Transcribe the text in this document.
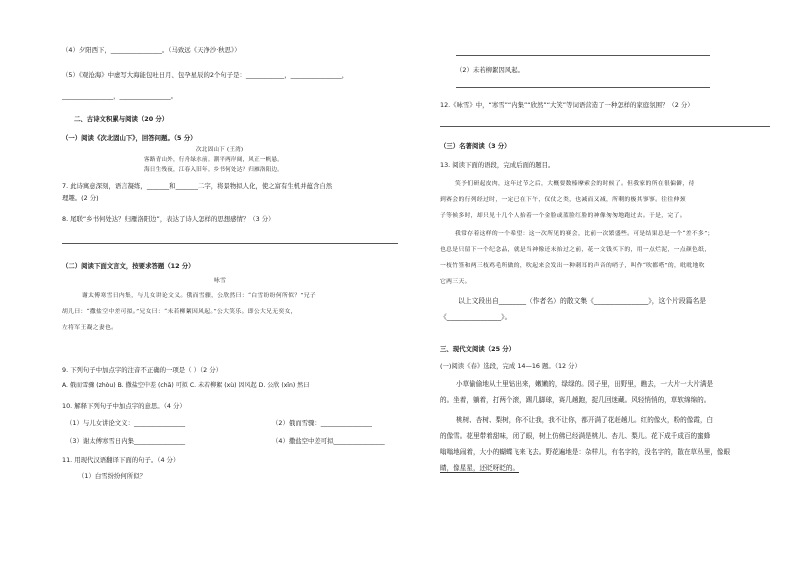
（4）夕阳西下，________________。（马致远《天净沙·秋思》）
（5）《观沧海》中虚写大海能包吐日月、包孕星辰的2个句子是：____________，________________，
________________，________________。
二、古诗文积累与阅读（20 分）
（一）阅读《次北固山下》，回答问题。（5 分）
次北固山下 (王湾)
客路青山外，行舟绿水前。潮平两岸阔，风正一帆悬。
海日生残夜，江春入旧年。乡书何处达？归雁洛阳边。
7. 此诗寓意深刻，语言凝练，_______和_______二字，将景物拟人化，使之富有生机并蕴含自然
理趣。(2 分)
8. 尾联“乡书何处达？归雁洛阳边”，表达了诗人怎样的思想感情？（3 分）
（二）阅读下面文言文，按要求答题（12 分）
咏雪
谢太傅寒雪日内集，与儿女讲论文义。俄而雪骤，公欣然曰：“白雪纷纷何所似？”兄子
胡儿曰：“撒盐空中差可拟。”兄女曰：“未若柳絮因风起。”公大笑乐。即公大兄无奕女，
左将军王凝之妻也。
9. 下列句子中加点字的注音不正确的一项是（ ）（2 分）
A. 俄而雪骤 (zhòu) B. 撒盐空中差 (chā) 可拟 C. 未若柳絮 (xù) 因风起 D. 公欣 (xīn) 然曰
10. 解释下列句子中加点字的意思。（4 分）
（1）与儿女讲论文义：________________	（2）俄而雪骤：________________
（3）谢太傅寒雪日内集________________	（4）撒盐空中差可拟________________
11. 用现代汉语翻译下面的句子。（4 分）
（1）白雪纷纷何所似？
（2）未若柳絮因风起。
12.《咏雪》中，“寒雪”“内集”“欣然”“大笑”等词语营造了一种怎样的家庭氛围？（2 分）
（三）名著阅读（3 分）
13. 阅读下面的语段，完成后面的题目。
笑予们研起皮肉，这年过节之后，大概要数榛摩索会的时候了。但我家的所在很偏僻，待
到赛会的行列经过时，一定已在下午，仪仗之类，也减而又减，所剩的极其寥寥。往往伸颈
子等候多时，却只见十几个人抬着一个金脸或蓝脸红脸的神像匆匆地跑过去。于是，完了。
我常存着这样的一个希望：这一次所见的赛会，比前一次繁盛些。可是结果总是一个“差不多”；
也总是只留下一个纪念品，就是当神像还未抬过之前，花一文钱买下的，用一点烂泥，一点颜色纸，
一枝竹签和两三枝鸡毛所做的，吹起来会发出一种刺耳的声音的哨子，叫作“吹都嗒”的，吡吡地吹
它两三天。
以上文段出自________（作者名）的散文集《________________》，这个片段篇名是
《________________》。
三、现代文阅读（25 分）
(一)阅读《春》选段，完成 14—16 题。（12 分）
小草偷偷地从土里钻出来，嫩嫩的，绿绿的。园子里，田野里，瞧去，一大片一大片满是
的。坐着，躺着，打两个滚，踢几脚球，赛几趟跑，捉几回迷藏。风轻悄悄的，草软绵绵的。
桃树、杏树、梨树，你不让我，我不让你，都开满了花赶趟儿。红的像火，粉的像霞，白
的像雪。花里带着甜味，闭了眼，树上仿佛已经满是桃儿、杏儿、梨儿。花下成千成百的蜜蜂
嗡嗡地闹着，大小的蝴蝶飞来飞去。野花遍地是：杂样儿，有名字的，没名字的，散在草丛里，像眼
睛，像星星，还眨呀眨的。
